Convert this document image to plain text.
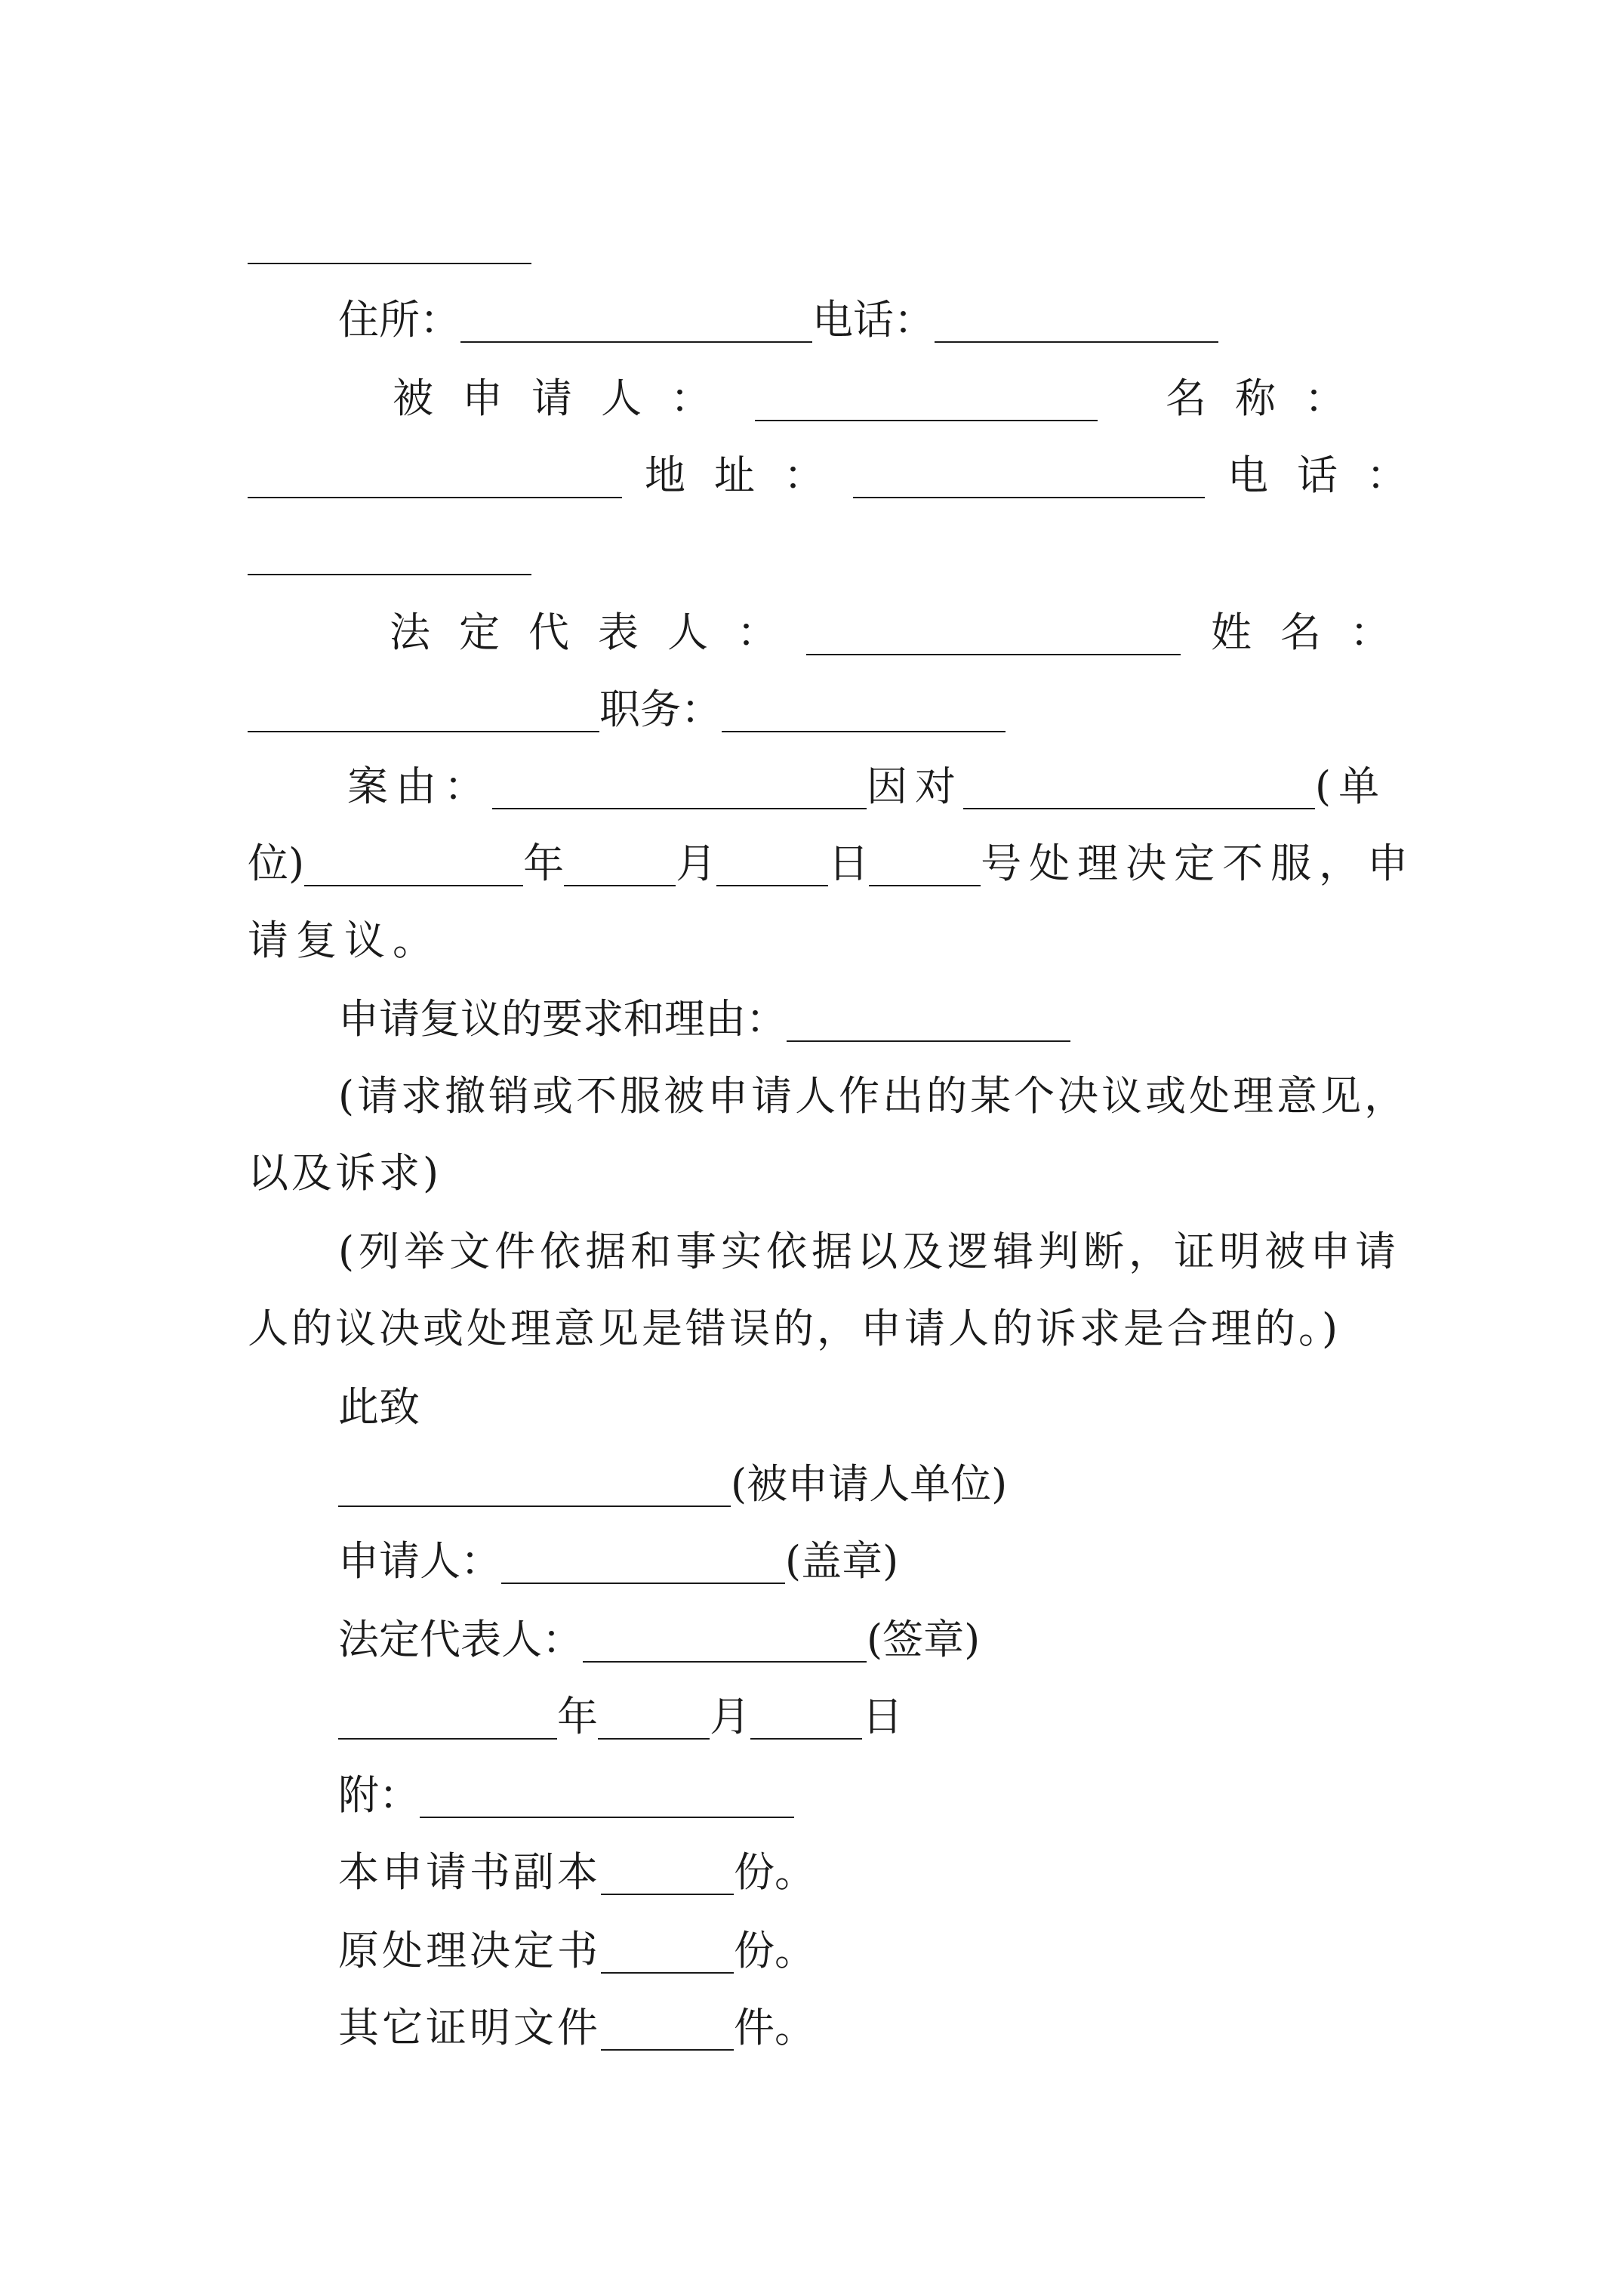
住所：	电话：
被申请人：	名称：
地址：	电话：
法定代表人：	姓名：
职务：
案由：	因对	(单
位)	年	月	日	号处理决定不服，申
请复议。
申请复议的要求和理由：
(请求撤销或不服被申请人作出的某个决议或处理意见，
以及诉求)
(列举文件依据和事实依据以及逻辑判断，证明被申请
人的议决或处理意见是错误的，申请人的诉求是合理的。)
此致
(被申请人单位)
申请人：	(盖章)
法定代表人：	(签章)
年	月	日
附：
本申请书副本	份。
原处理决定书	份。
其它证明文件	件。
